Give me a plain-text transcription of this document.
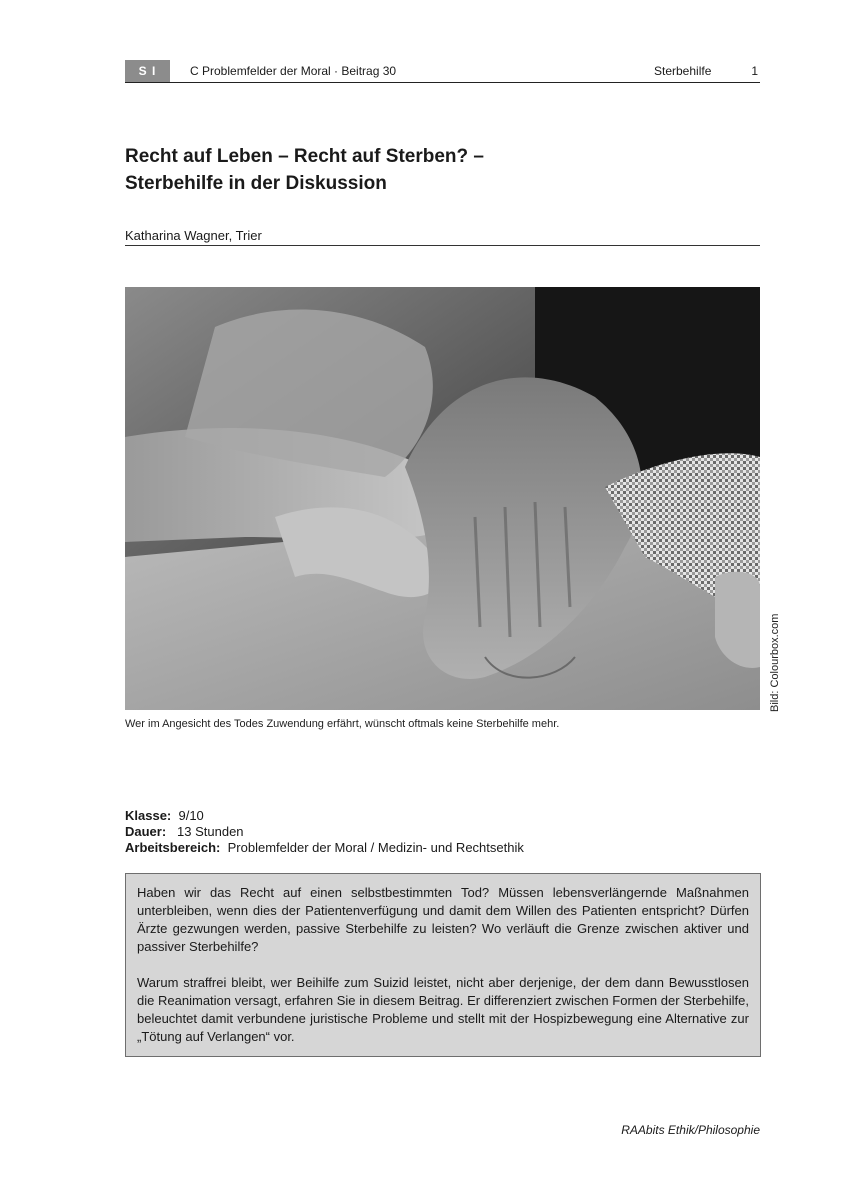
S I	C Problemfelder der Moral · Beitrag 30	Sterbehilfe	1
Recht auf Leben – Recht auf Sterben? –
Sterbehilfe in der Diskussion
Katharina Wagner, Trier
Bild: Colourbox.com
Wer im Angesicht des Todes Zuwendung erfährt, wünscht oftmals keine Sterbehilfe mehr.
Klasse: 9/10
Dauer: 13 Stunden
Arbeitsbereich: Problemfelder der Moral / Medizin- und Rechtsethik

Haben wir das Recht auf einen selbstbestimmten Tod? Müssen lebensverlängernde Maßnahmen unterbleiben, wenn dies der Patientenverfügung und damit dem Willen des Patienten entspricht? Dürfen Ärzte gezwungen werden, passive Sterbehilfe zu leisten? Wo verläuft die Grenze zwischen aktiver und passiver Sterbehilfe?

Warum straffrei bleibt, wer Beihilfe zum Suizid leistet, nicht aber derjenige, der dem dann Bewusstlosen die Reanimation versagt, erfahren Sie in diesem Beitrag. Er differenziert zwischen Formen der Sterbehilfe, beleuchtet damit verbundene juristische Probleme und stellt mit der Hospizbewegung eine Alternative zur „Tötung auf Verlangen“ vor.

RAAbits Ethik/Philosophie
